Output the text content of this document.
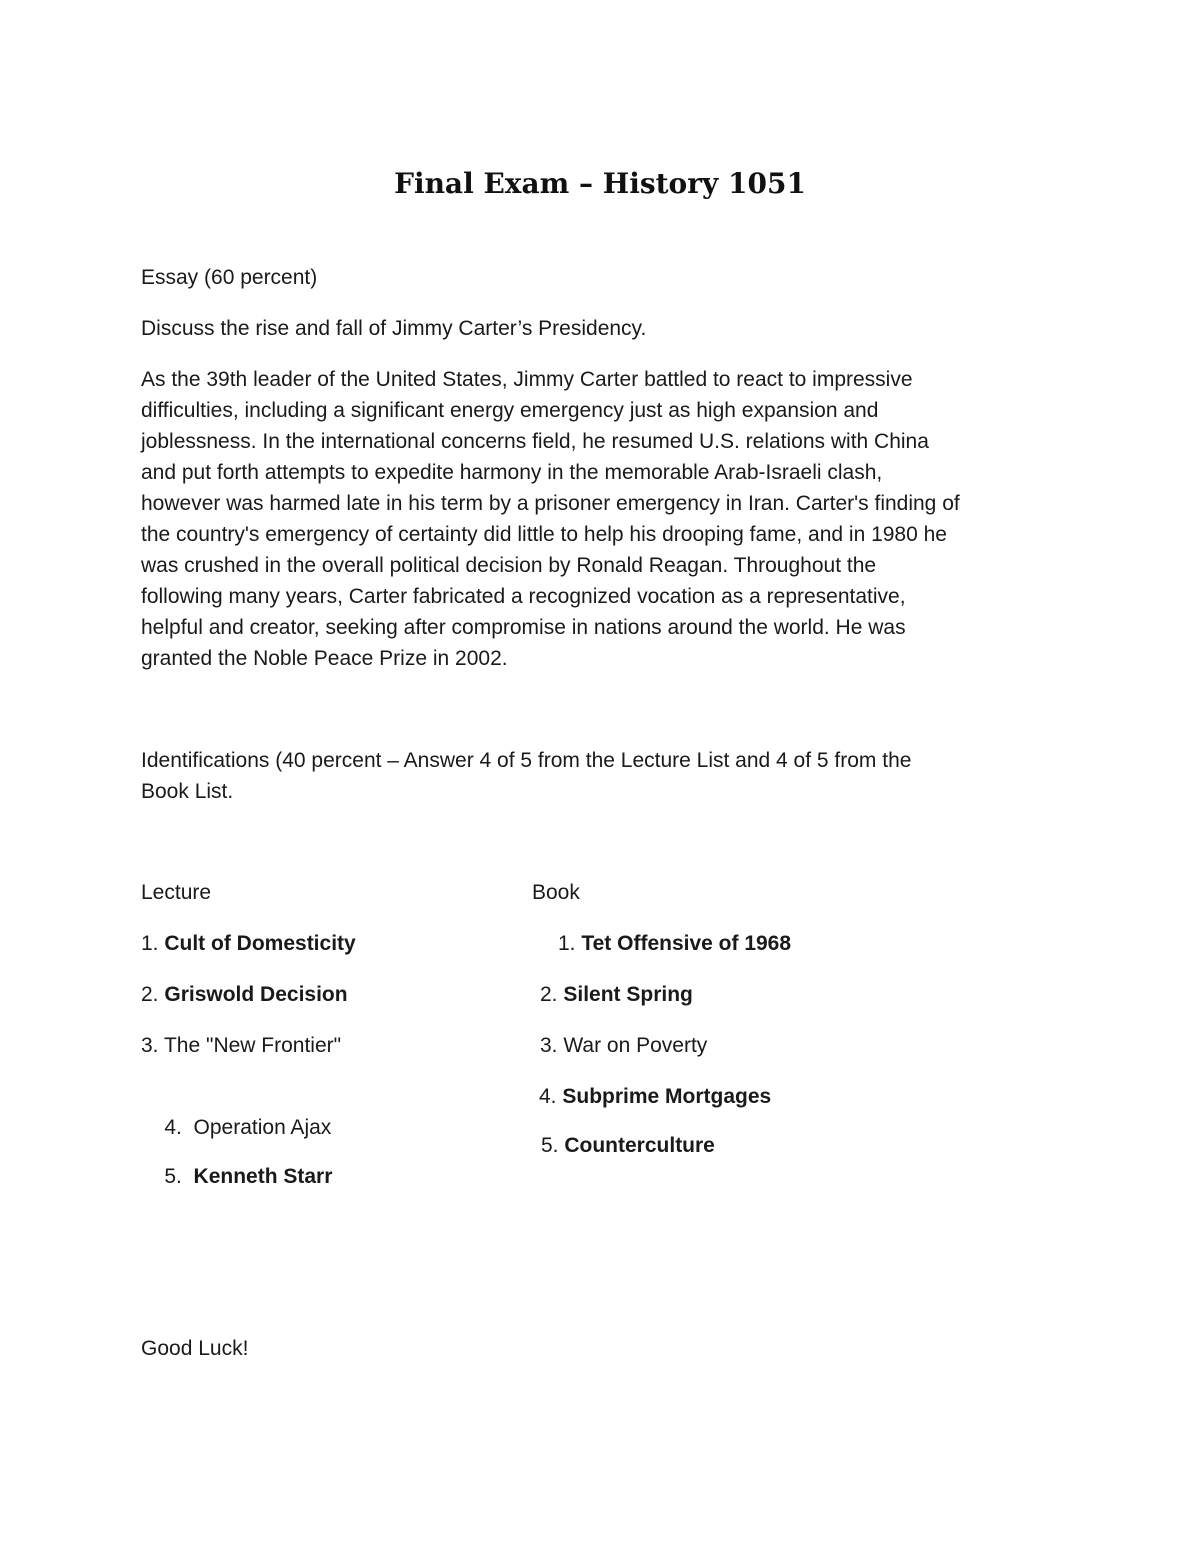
Final Exam – History 1051
Essay (60 percent)
Discuss the rise and fall of Jimmy Carter’s Presidency.
As the 39th leader of the United States, Jimmy Carter battled to react to impressive
difficulties, including a significant energy emergency just as high expansion and
joblessness. In the international concerns field, he resumed U.S. relations with China
and put forth attempts to expedite harmony in the memorable Arab-Israeli clash,
however was harmed late in his term by a prisoner emergency in Iran. Carter's finding of
the country's emergency of certainty did little to help his drooping fame, and in 1980 he
was crushed in the overall political decision by Ronald Reagan. Throughout the
following many years, Carter fabricated a recognized vocation as a representative,
helpful and creator, seeking after compromise in nations around the world. He was
granted the Noble Peace Prize in 2002.
Identifications (40 percent – Answer 4 of 5 from the Lecture List and 4 of 5 from the
Book List.
Lecture	Book
1. Cult of Domesticity
2. Griswold Decision
3. The "New Frontier"

4.  Operation Ajax

5.  Kenneth Starr

1. Tet Offensive of 1968
2. Silent Spring
3. War on Poverty
4. Subprime Mortgages
5. Counterculture
Good Luck!
